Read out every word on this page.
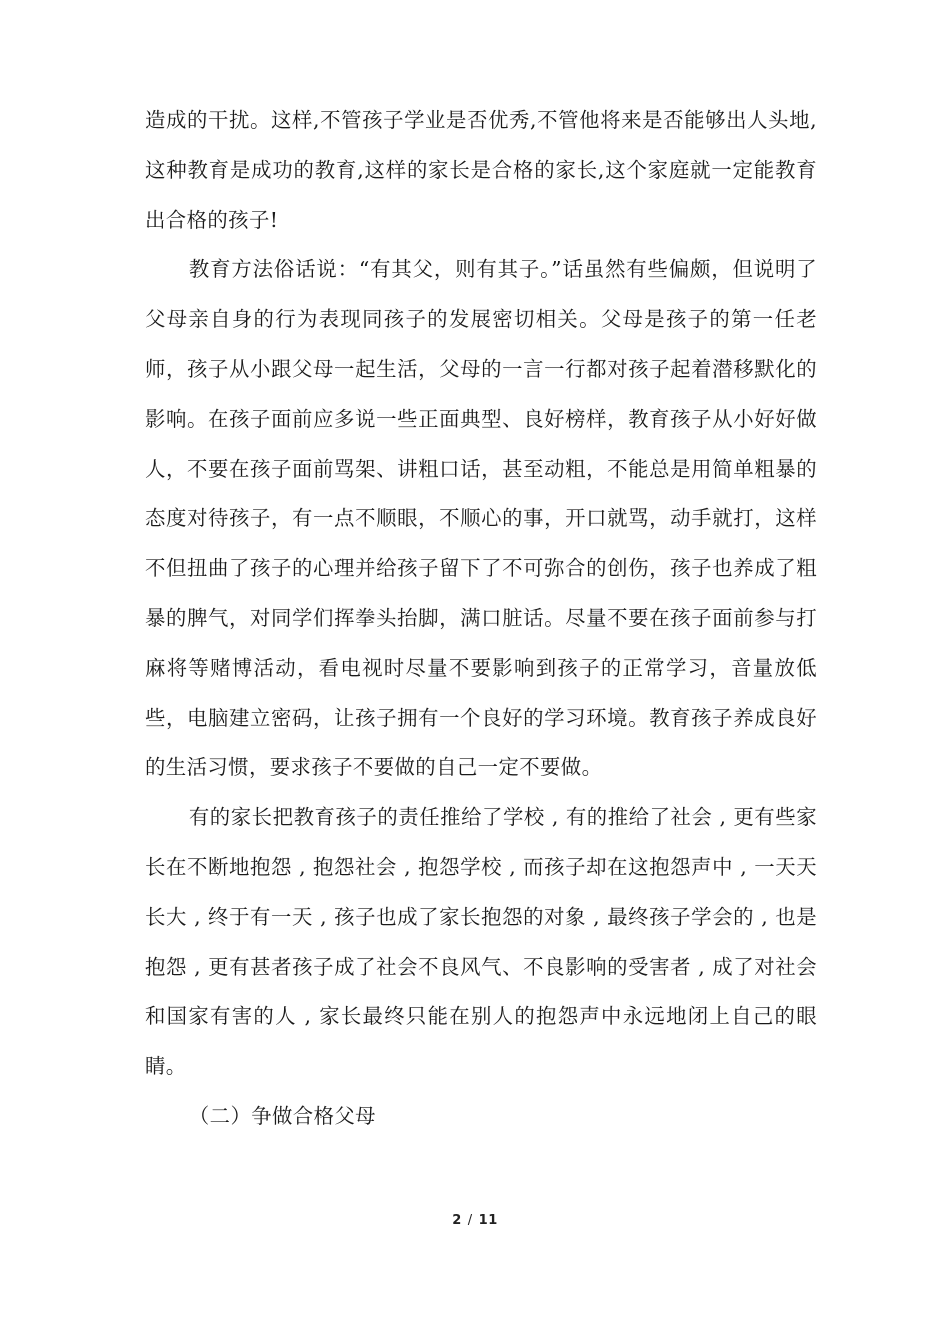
造成的干扰。这样,不管孩子学业是否优秀,不管他将来是否能够出人头地,这种教育是成功的教育,这样的家长是合格的家长,这个家庭就一定能教育出合格的孩子!

教育方法俗话说：“有其父，则有其子。”话虽然有些偏颇，但说明了父母亲自身的行为表现同孩子的发展密切相关。父母是孩子的第一任老师，孩子从小跟父母一起生活，父母的一言一行都对孩子起着潜移默化的影响。在孩子面前应多说一些正面典型、良好榜样，教育孩子从小好好做人，不要在孩子面前骂架、讲粗口话，甚至动粗，不能总是用简单粗暴的态度对待孩子，有一点不顺眼，不顺心的事，开口就骂，动手就打，这样不但扭曲了孩子的心理并给孩子留下了不可弥合的创伤，孩子也养成了粗暴的脾气，对同学们挥拳头抬脚，满口脏话。尽量不要在孩子面前参与打麻将等赌博活动，看电视时尽量不要影响到孩子的正常学习，音量放低些，电脑建立密码，让孩子拥有一个良好的学习环境。教育孩子养成良好的生活习惯，要求孩子不要做的自己一定不要做。

有的家长把教育孩子的责任推给了学校 , 有的推给了社会 , 更有些家长在不断地抱怨 , 抱怨社会 , 抱怨学校 , 而孩子却在这抱怨声中 , 一天天长大 , 终于有一天 , 孩子也成了家长抱怨的对象 , 最终孩子学会的 , 也是抱怨 , 更有甚者孩子成了社会不良风气、不良影响的受害者 , 成了对社会和国家有害的人 , 家长最终只能在别人的抱怨声中永远地闭上自己的眼睛。

（二）争做合格父母

2 / 11
